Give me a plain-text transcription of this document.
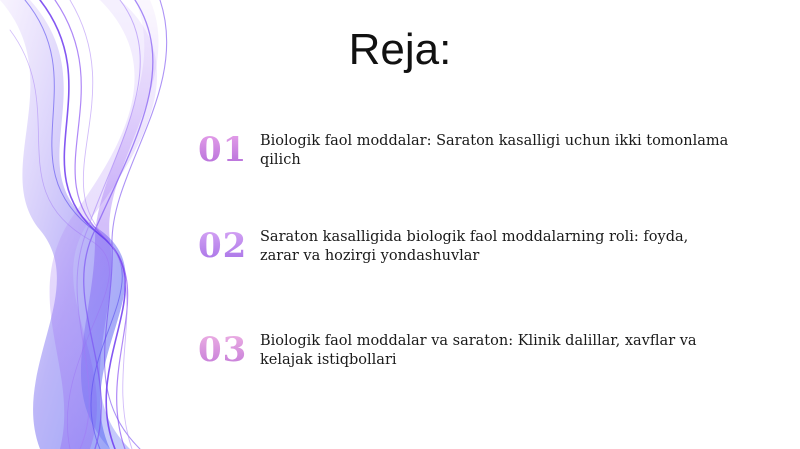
Reja:
01 Biologik faol moddalar: Saraton kasalligi uchun ikki tomonlama qilich
02 Saraton kasalligida biologik faol moddalarning roli: foyda, zarar va hozirgi yondashuvlar
03 Biologik faol moddalar va saraton: Klinik dalillar, xavflar va kelajak istiqbollari
